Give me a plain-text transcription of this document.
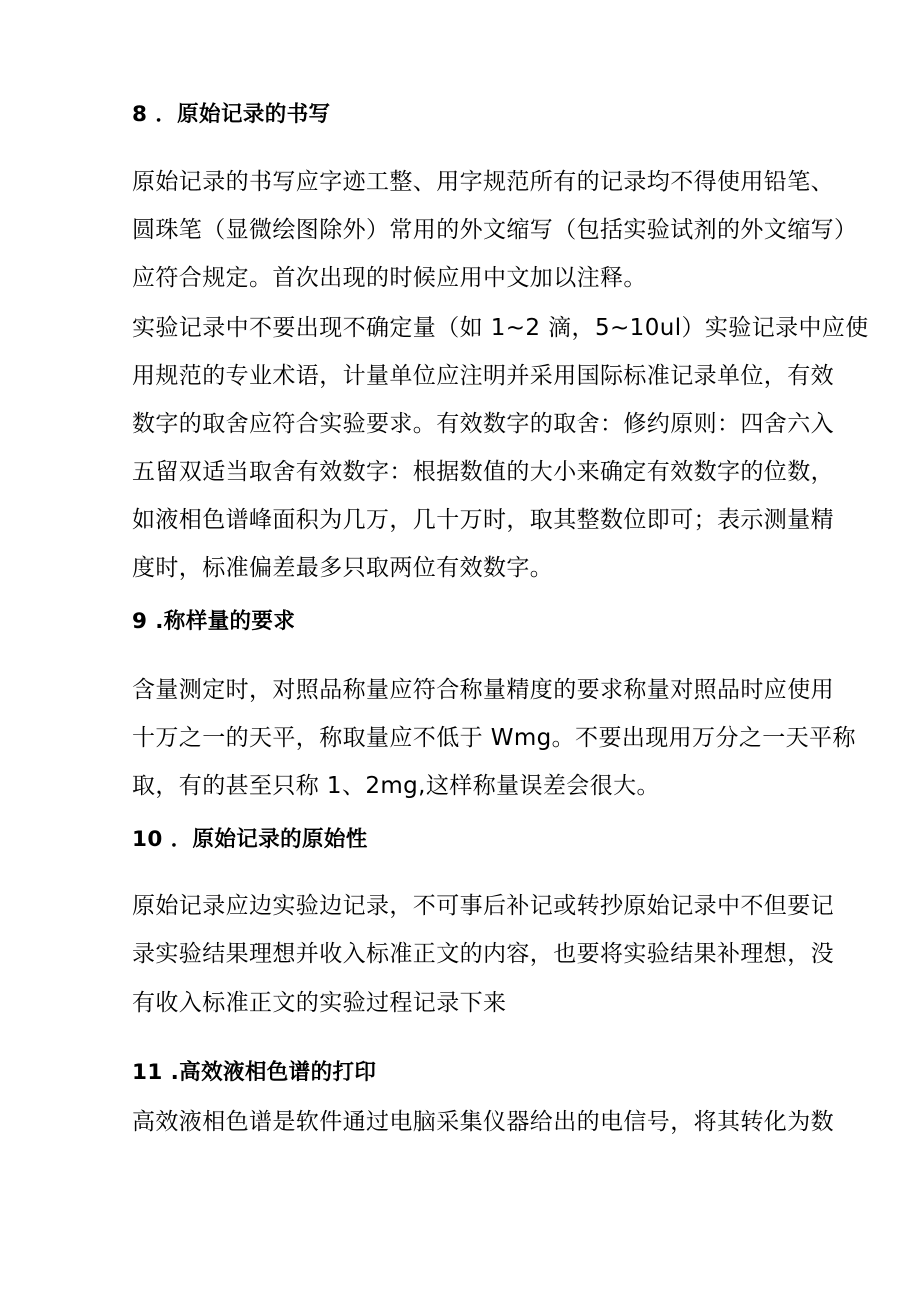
8 ．原始记录的书写
原始记录的书写应字迹工整、用字规范所有的记录均不得使用铅笔、
圆珠笔（显微绘图除外）常用的外文缩写（包括实验试剂的外文缩写）
应符合规定。首次出现的时候应用中文加以注释。
实验记录中不要出现不确定量（如 1~2 滴，5~10ul）实验记录中应使
用规范的专业术语，计量单位应注明并采用国际标准记录单位，有效
数字的取舍应符合实验要求。有效数字的取舍：修约原则：四舍六入
五留双适当取舍有效数字：根据数值的大小来确定有效数字的位数，
如液相色谱峰面积为几万，几十万时，取其整数位即可；表示测量精
度时，标准偏差最多只取两位有效数字。
9 .称样量的要求
含量测定时，对照品称量应符合称量精度的要求称量对照品时应使用
十万之一的天平，称取量应不低于 Wmg。不要出现用万分之一天平称
取，有的甚至只称 1、2mg,这样称量误差会很大。
10 ．原始记录的原始性
原始记录应边实验边记录，不可事后补记或转抄原始记录中不但要记
录实验结果理想并收入标准正文的内容，也要将实验结果补理想，没
有收入标准正文的实验过程记录下来
11 .高效液相色谱的打印
高效液相色谱是软件通过电脑采集仪器给出的电信号，将其转化为数
